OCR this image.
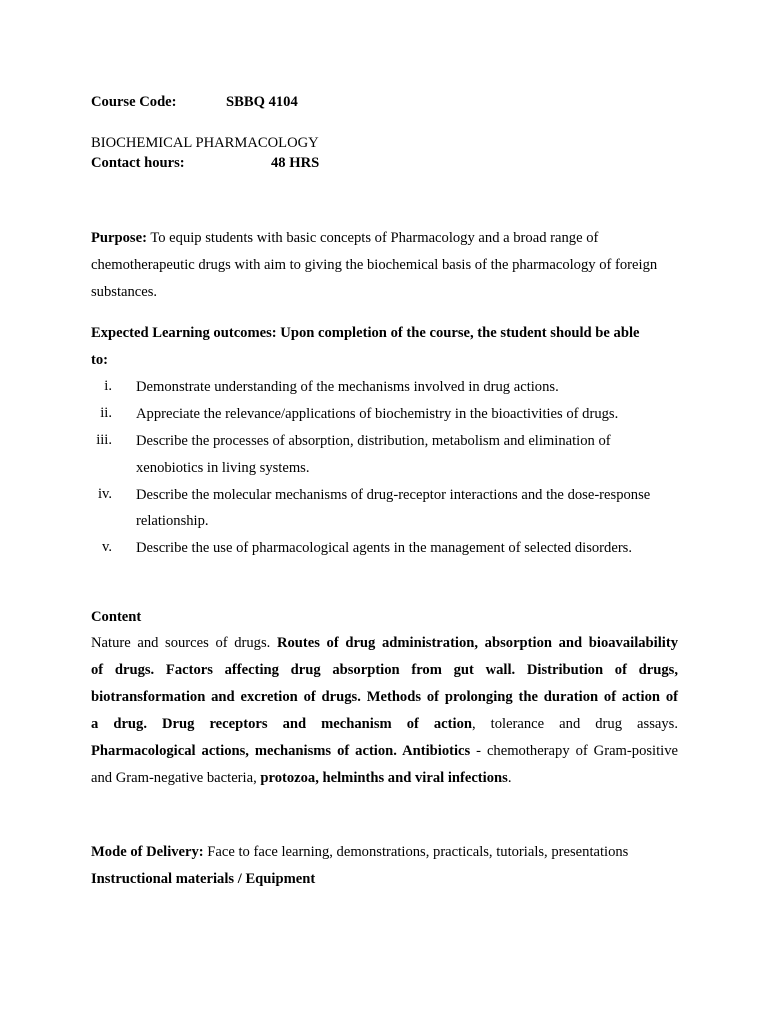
Course Code:	SBBQ 4104
BIOCHEMICAL PHARMACOLOGY
Contact hours:	48 HRS
Purpose: To equip students with basic concepts of Pharmacology and a broad range of
chemotherapeutic drugs with aim to giving the biochemical basis of the pharmacology of foreign
substances.
Expected Learning outcomes: Upon completion of the course, the student should be able
to:
i. Demonstrate understanding of the mechanisms involved in drug actions.
ii. Appreciate the relevance/applications of biochemistry in the bioactivities of drugs.
iii. Describe the processes of absorption, distribution, metabolism and elimination of
xenobiotics in living systems.
iv. Describe the molecular mechanisms of drug-receptor interactions and the dose-response
relationship.
v. Describe the use of pharmacological agents in the management of selected disorders.
Content
Nature and sources of drugs. Routes of drug administration, absorption and bioavailability
of drugs. Factors affecting drug absorption from gut wall. Distribution of drugs,
biotransformation and excretion of drugs. Methods of prolonging the duration of action of
a drug. Drug receptors and mechanism of action, tolerance and drug assays.
Pharmacological actions, mechanisms of action. Antibiotics - chemotherapy of Gram-positive
and Gram-negative bacteria, protozoa, helminths and viral infections.
Mode of Delivery: Face to face learning, demonstrations, practicals, tutorials, presentations
Instructional materials / Equipment
